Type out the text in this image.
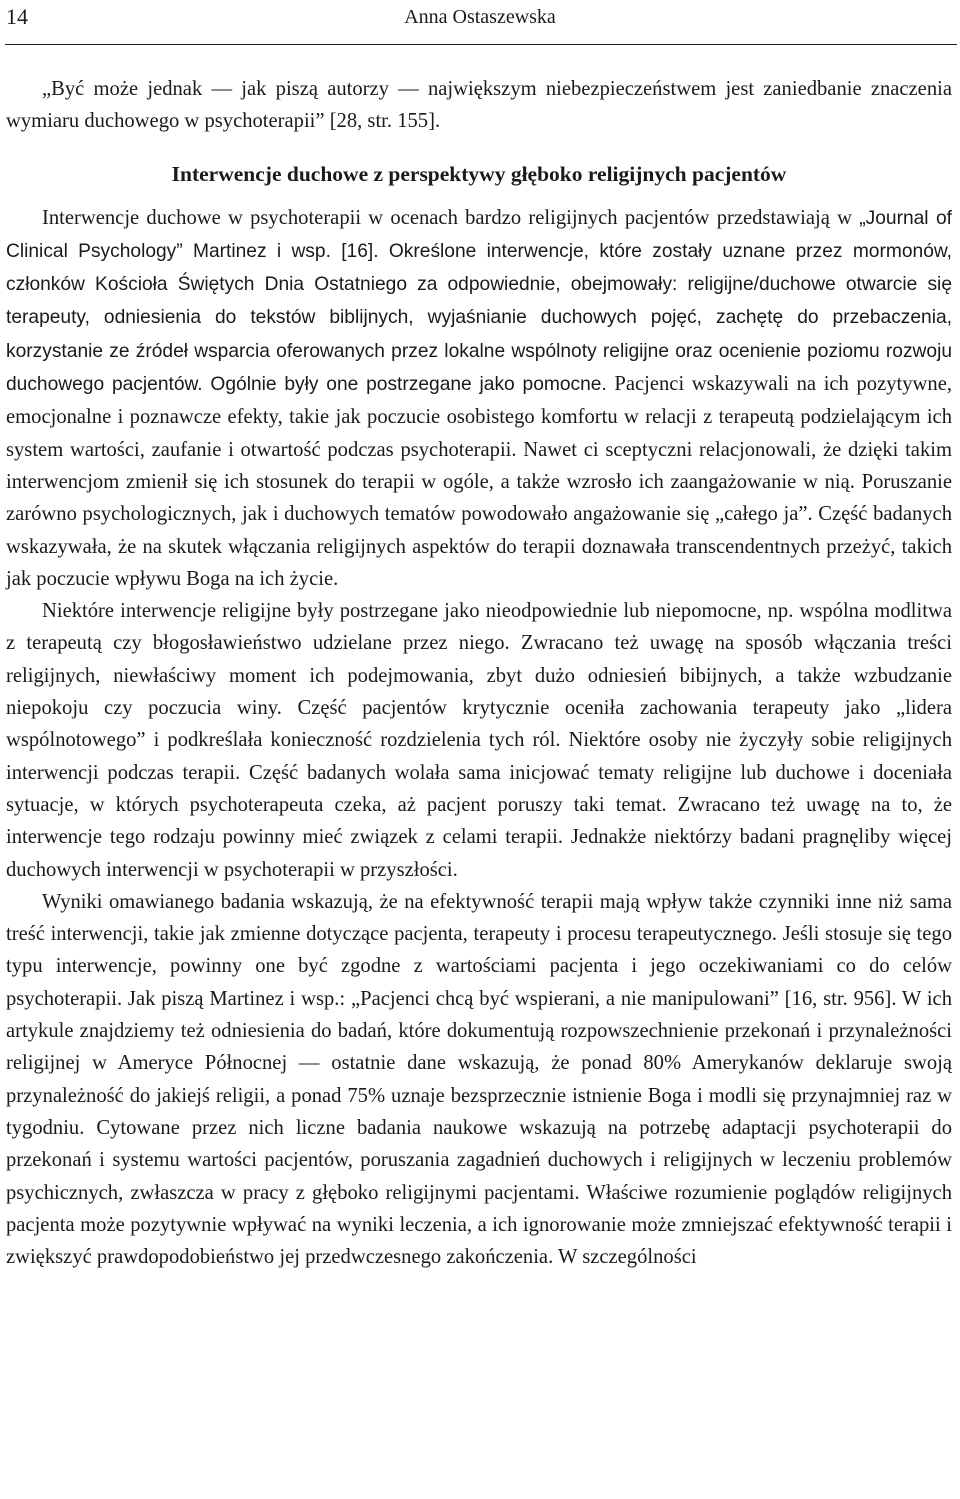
14	Anna Ostaszewska

„Być może jednak — jak piszą autorzy — największym niebezpieczeństwem jest zaniedbanie znaczenia wymiaru duchowego w psychoterapii” [28, str. 155].

Interwencje duchowe z perspektywy głęboko religijnych pacjentów

Interwencje duchowe w psychoterapii w ocenach bardzo religijnych pacjentów przedstawiają w „Journal of Clinical Psychology” Martinez i wsp. [16]. Określone interwencje, które zostały uznane przez mormonów, członków Kościoła Świętych Dnia Ostatniego za odpowiednie, obejmowały: religijne/duchowe otwarcie się terapeuty, odniesienia do tekstów biblijnych, wyjaśnianie duchowych pojęć, zachętę do przebaczenia, korzystanie ze źródeł wsparcia oferowanych przez lokalne wspólnoty religijne oraz ocenienie poziomu rozwoju duchowego pacjentów. Ogólnie były one postrzegane jako pomocne. Pacjenci wskazywali na ich pozytywne, emocjonalne i poznawcze efekty, takie jak poczucie osobistego komfortu w relacji z terapeutą podzielającym ich system wartości, zaufanie i otwartość podczas psychoterapii. Nawet ci sceptyczni relacjonowali, że dzięki takim interwencjom zmienił się ich stosunek do terapii w ogóle, a także wzrosło ich zaangażowanie w nią. Poruszanie zarówno psychologicznych, jak i duchowych tematów powodowało angażowanie się „całego ja”. Część badanych wskazywała, że na skutek włączania religijnych aspektów do terapii doznawała transcendentnych przeżyć, takich jak poczucie wpływu Boga na ich życie.

Niektóre interwencje religijne były postrzegane jako nieodpowiednie lub niepomocne, np. wspólna modlitwa z terapeutą czy błogosławieństwo udzielane przez niego. Zwracano też uwagę na sposób włączania treści religijnych, niewłaściwy moment ich podejmowania, zbyt dużo odniesień bibijnych, a także wzbudzanie niepokoju czy poczucia winy. Część pacjentów krytycznie oceniła zachowania terapeuty jako „lidera wspólnotowego” i podkreślała konieczność rozdzielenia tych ról. Niektóre osoby nie życzyły sobie religijnych interwencji podczas terapii. Część badanych wolała sama inicjować tematy religijne lub duchowe i doceniała sytuacje, w których psychoterapeuta czeka, aż pacjent poruszy taki temat. Zwracano też uwagę na to, że interwencje tego rodzaju powinny mieć związek z celami terapii. Jednakże niektórzy badani pragnęliby więcej duchowych interwencji w psychoterapii w przyszłości.

Wyniki omawianego badania wskazują, że na efektywność terapii mają wpływ także czynniki inne niż sama treść interwencji, takie jak zmienne dotyczące pacjenta, terapeuty i procesu terapeutycznego. Jeśli stosuje się tego typu interwencje, powinny one być zgodne z wartościami pacjenta i jego oczekiwaniami co do celów psychoterapii. Jak piszą Martinez i wsp.: „Pacjenci chcą być wspierani, a nie manipulowani” [16, str. 956]. W ich artykule znajdziemy też odniesienia do badań, które dokumentują rozpowszechnienie przekonań i przynależności religijnej w Ameryce Północnej — ostatnie dane wskazują, że ponad 80% Amerykanów deklaruje swoją przynależność do jakiejś religii, a ponad 75% uznaje bezsprzecznie istnienie Boga i modli się przynajmniej raz w tygodniu. Cytowane przez nich liczne badania naukowe wskazują na potrzebę adaptacji psychoterapii do przekonań i systemu wartości pacjentów, poruszania zagadnień duchowych i religijnych w leczeniu problemów psychicznych, zwłaszcza w pracy z głęboko religijnymi pacjentami. Właściwe rozumienie poglądów religijnych pacjenta może pozytywnie wpływać na wyniki leczenia, a ich ignorowanie może zmniejszać efektywność terapii i zwiększyć prawdopodobieństwo jej przedwczesnego zakończenia. W szczególności
